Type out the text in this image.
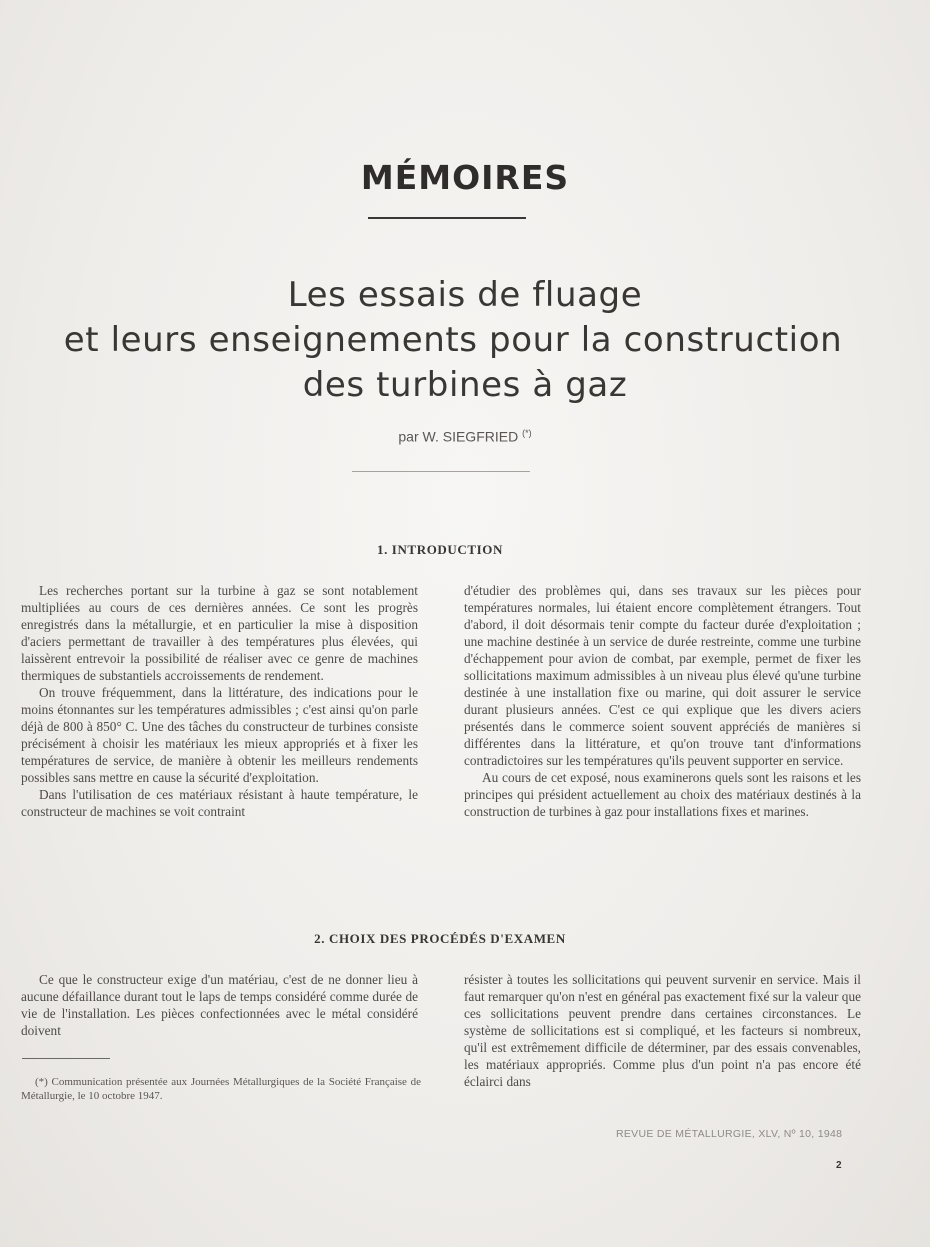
MÉMOIRES
Les essais de fluage
et leurs enseignements pour la construction
des turbines à gaz
par W. SIEGFRIED (*)
1. INTRODUCTION

Les recherches portant sur la turbine à gaz se sont notablement multipliées au cours de ces dernières années. Ce sont les progrès enregistrés dans la métallurgie, et en particulier la mise à disposition d'aciers permettant de travailler à des températures plus élevées, qui laissèrent entrevoir la possibilité de réaliser avec ce genre de machines thermiques de substantiels accroissements de rendement.

On trouve fréquemment, dans la littérature, des indications pour le moins étonnantes sur les températures admissibles ; c'est ainsi qu'on parle déjà de 800 à 850° C. Une des tâches du constructeur de turbines consiste précisément à choisir les matériaux les mieux appropriés et à fixer les températures de service, de manière à obtenir les meilleurs rendements possibles sans mettre en cause la sécurité d'exploitation.

Dans l'utilisation de ces matériaux résistant à haute température, le constructeur de machines se voit contraint

d'étudier des problèmes qui, dans ses travaux sur les pièces pour températures normales, lui étaient encore complètement étrangers. Tout d'abord, il doit désormais tenir compte du facteur durée d'exploitation ; une machine destinée à un service de durée restreinte, comme une turbine d'échappement pour avion de combat, par exemple, permet de fixer les sollicitations maximum admissibles à un niveau plus élevé qu'une turbine destinée à une installation fixe ou marine, qui doit assurer le service durant plusieurs années. C'est ce qui explique que les divers aciers présentés dans le commerce soient souvent appréciés de manières si différentes dans la littérature, et qu'on trouve tant d'informations contradictoires sur les températures qu'ils peuvent supporter en service.

Au cours de cet exposé, nous examinerons quels sont les raisons et les principes qui président actuellement au choix des matériaux destinés à la construction de turbines à gaz pour installations fixes et marines.

2. CHOIX DES PROCÉDÉS D'EXAMEN

Ce que le constructeur exige d'un matériau, c'est de ne donner lieu à aucune défaillance durant tout le laps de temps considéré comme durée de vie de l'installation. Les pièces confectionnées avec le métal considéré doivent

résister à toutes les sollicitations qui peuvent survenir en service. Mais il faut remarquer qu'on n'est en général pas exactement fixé sur la valeur que ces sollicitations peuvent prendre dans certaines circonstances. Le système de sollicitations est si compliqué, et les facteurs si nombreux, qu'il est extrêmement difficile de déterminer, par des essais convenables, les matériaux appropriés. Comme plus d'un point n'a pas encore été éclairci dans

(*) Communication présentée aux Journées Métallurgiques de la Société Française de Métallurgie, le 10 octobre 1947.

REVUE DE MÉTALLURGIE, XLV, Nº 10, 1948
2
